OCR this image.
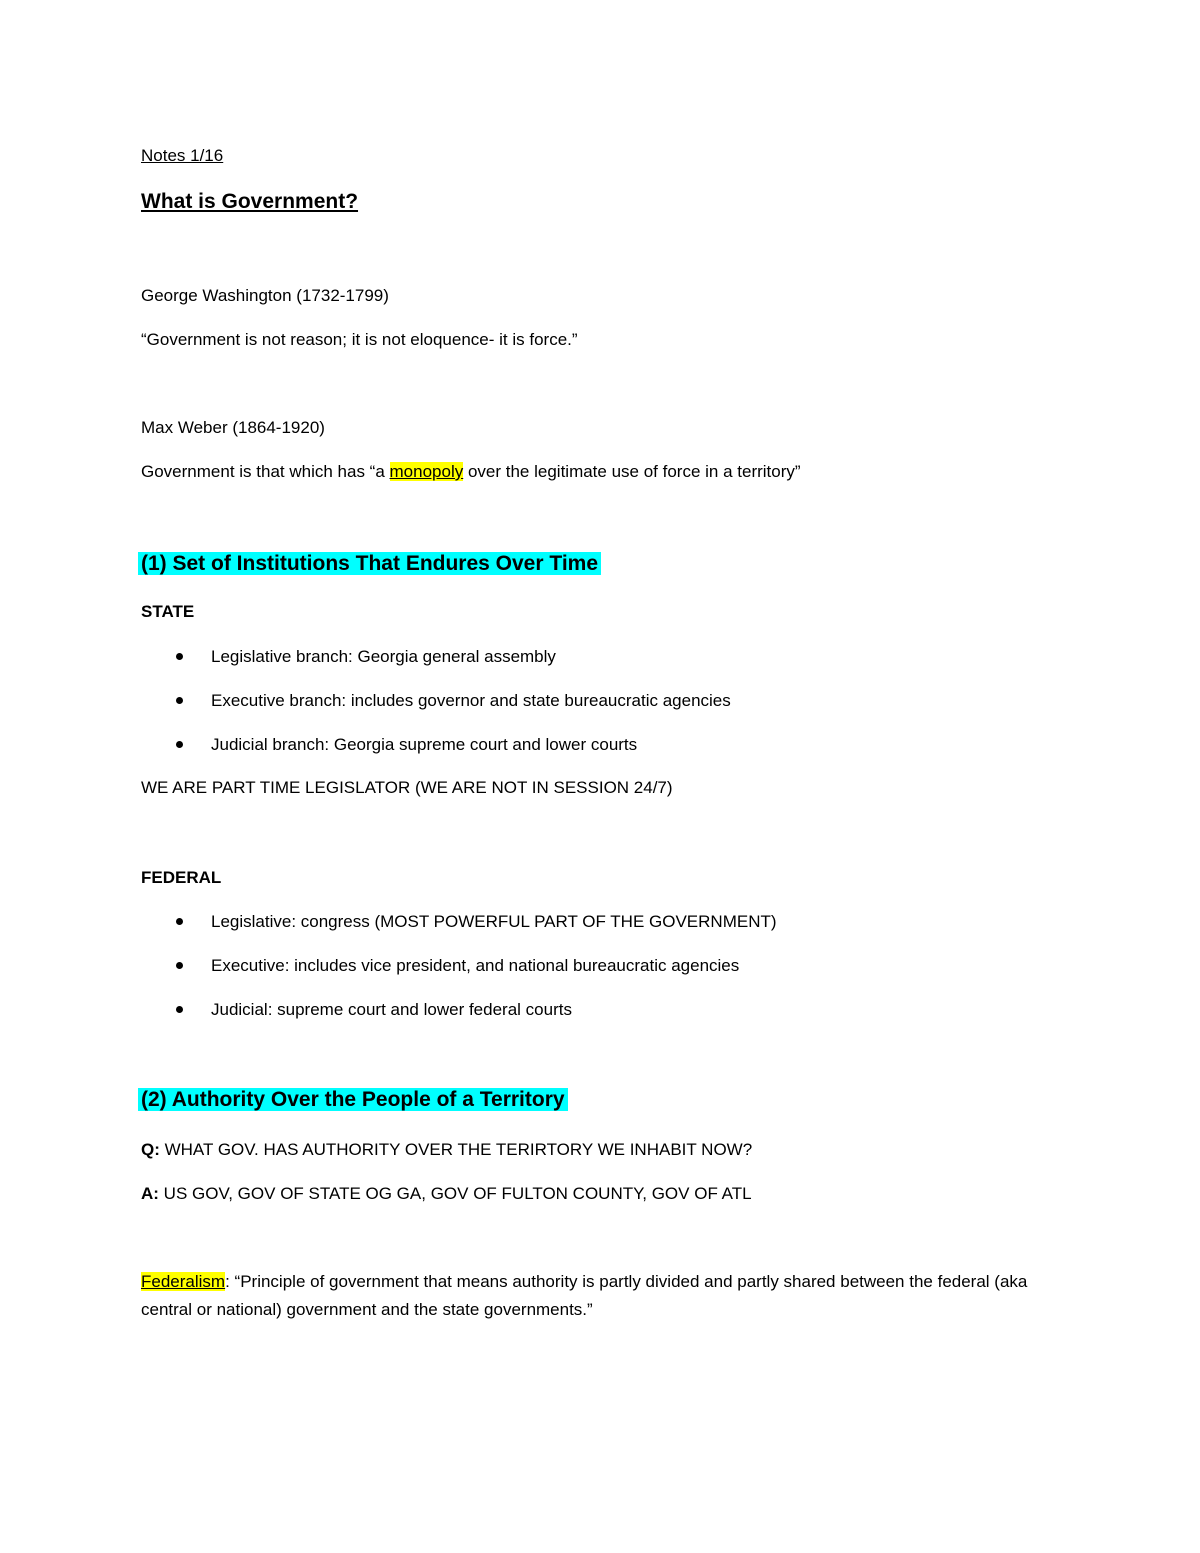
Notes 1/16
What is Government?
George Washington (1732-1799)
“Government is not reason; it is not eloquence- it is force.”
Max Weber (1864-1920)
Government is that which has “a monopoly over the legitimate use of force in a territory”
(1) Set of Institutions That Endures Over Time
STATE
Legislative branch: Georgia general assembly
Executive branch: includes governor and state bureaucratic agencies
Judicial branch: Georgia supreme court and lower courts
WE ARE PART TIME LEGISLATOR (WE ARE NOT IN SESSION 24/7)
FEDERAL
Legislative: congress (MOST POWERFUL PART OF THE GOVERNMENT)
Executive: includes vice president, and national bureaucratic agencies
Judicial: supreme court and lower federal courts
(2) Authority Over the People of a Territory
Q: WHAT GOV. HAS AUTHORITY OVER THE TERIRTORY WE INHABIT NOW?
A: US GOV, GOV OF STATE OG GA, GOV OF FULTON COUNTY, GOV OF ATL
Federalism: “Principle of government that means authority is partly divided and partly shared between the federal (aka central or national) government and the state governments.”
